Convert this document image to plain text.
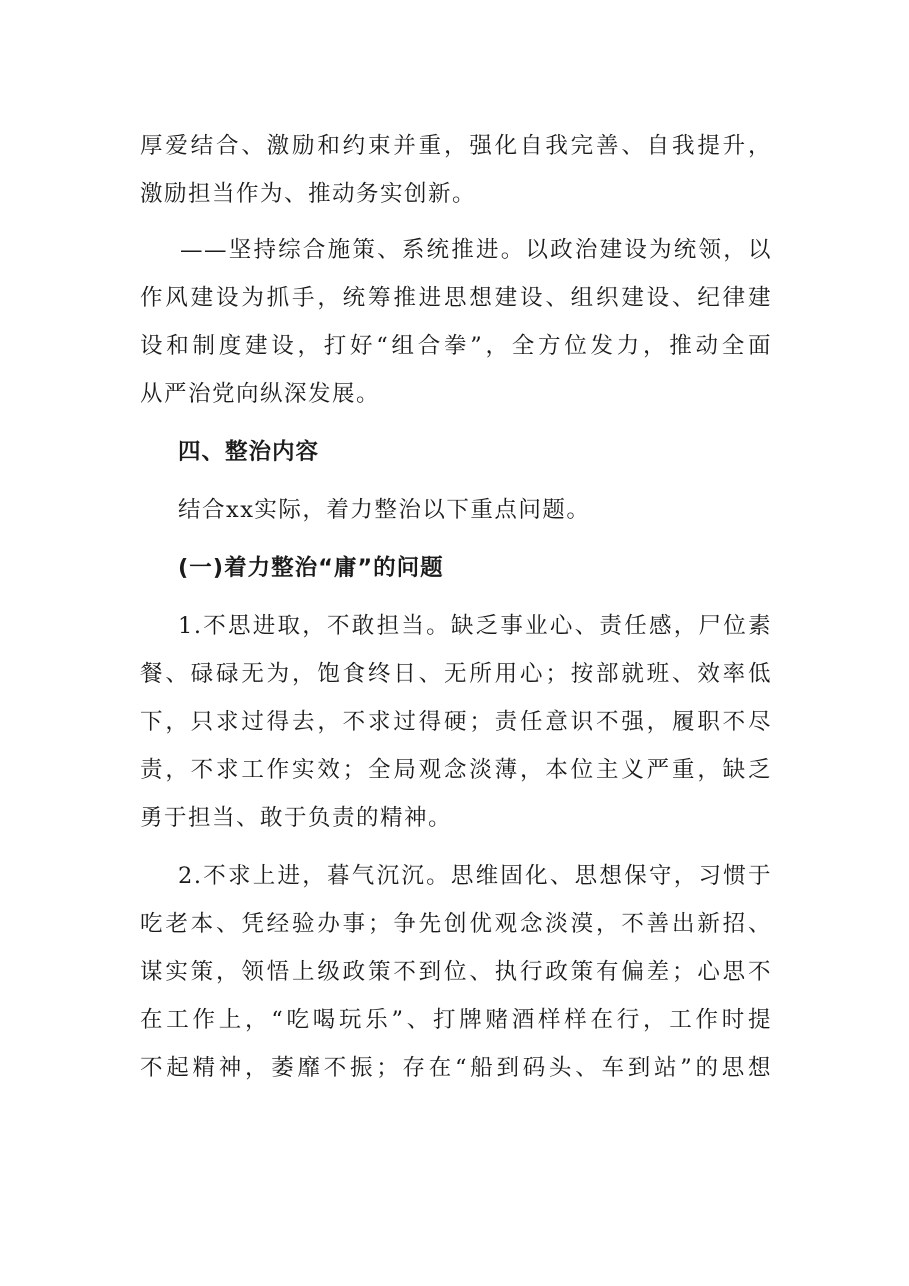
厚爱结合、激励和约束并重，强化自我完善、自我提升，
激励担当作为、推动务实创新。

——坚持综合施策、系统推进。以政治建设为统领，以
作风建设为抓手，统筹推进思想建设、组织建设、纪律建
设和制度建设，打好“组合拳”，全方位发力，推动全面
从严治党向纵深发展。

四、整治内容

结合xx实际，着力整治以下重点问题。

(一)着力整治“庸”的问题

1.不思进取，不敢担当。缺乏事业心、责任感，尸位素
餐、碌碌无为，饱食终日、无所用心；按部就班、效率低
下，只求过得去，不求过得硬；责任意识不强，履职不尽
责，不求工作实效；全局观念淡薄，本位主义严重，缺乏
勇于担当、敢于负责的精神。

2.不求上进，暮气沉沉。思维固化、思想保守，习惯于
吃老本、凭经验办事；争先创优观念淡漠，不善出新招、
谋实策，领悟上级政策不到位、执行政策有偏差；心思不
在工作上，“吃喝玩乐”、打牌赌酒样样在行，工作时提
不起精神，萎靡不振；存在“船到码头、车到站”的思想
